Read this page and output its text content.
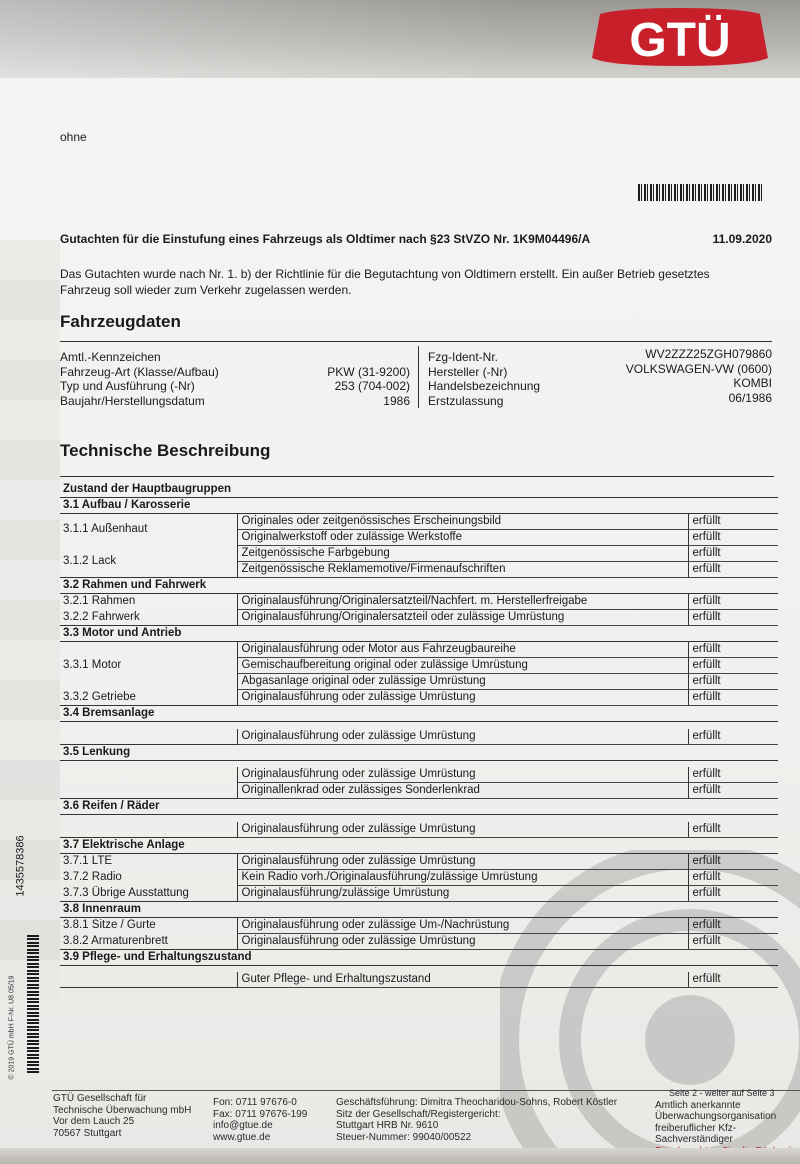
GTÜ
ohne
Gutachten für die Einstufung eines Fahrzeugs als Oldtimer nach §23 StVZO Nr. 1K9M04496/A	11.09.2020
Das Gutachten wurde nach Nr. 1. b) der Richtlinie für die Begutachtung von Oldtimern erstellt. Ein außer Betrieb gesetztes
Fahrzeug soll wieder zum Verkehr zugelassen werden.
Fahrzeugdaten
Amtl.-Kennzeichen
Fahrzeug-Art (Klasse/Aufbau)	PKW (31-9200)
Typ und Ausführung (-Nr)	253 (704-002)
Baujahr/Herstellungsdatum	1986
Fzg-Ident-Nr.	WV2ZZZ25ZGH079860
Hersteller (-Nr)	VOLKSWAGEN-VW (0600)
Handelsbezeichnung	KOMBI
Erstzulassung	06/1986
Technische Beschreibung
Zustand der Hauptbaugruppen		
3.1 Aufbau / Karosserie		
3.1.1 Außenhaut	Originales oder zeitgenössisches Erscheinungsbild	erfüllt
	Originalwerkstoff oder zulässige Werkstoffe	erfüllt
3.1.2 Lack	Zeitgenössische Farbgebung	erfüllt
	Zeitgenössische Reklamemotive/Firmenaufschriften	erfüllt
3.2 Rahmen und Fahrwerk		
3.2.1 Rahmen	Originalausführung/Originalersatzteil/Nachfert. m. Herstellerfreigabe	erfüllt
3.2.2 Fahrwerk	Originalausführung/Originalersatzteil oder zulässige Umrüstung	erfüllt
3.3 Motor und Antrieb		
3.3.1 Motor	Originalausführung oder Motor aus Fahrzeugbaureihe	erfüllt
	Gemischaufbereitung original oder zulässige Umrüstung	erfüllt
	Abgasanlage original oder zulässige Umrüstung	erfüllt
3.3.2 Getriebe	Originalausführung oder zulässige Umrüstung	erfüllt
3.4 Bremsanlage		

	Originalausführung oder zulässige Umrüstung	erfüllt
3.5 Lenkung		

	Originalausführung oder zulässige Umrüstung	erfüllt
	Originallenkrad oder zulässiges Sonderlenkrad	erfüllt
3.6 Reifen / Räder		

	Originalausführung oder zulässige Umrüstung	erfüllt
3.7 Elektrische Anlage		
3.7.1 LTE	Originalausführung oder zulässige Umrüstung	erfüllt
3.7.2 Radio	Kein Radio vorh./Originalausführung/zulässige Umrüstung	erfüllt
3.7.3 Übrige Ausstattung	Originalausführung/zulässige Umrüstung	erfüllt
3.8 Innenraum		
3.8.1 Sitze / Gurte	Originalausführung oder zulässige Um-/Nachrüstung	erfüllt
3.8.2 Armaturenbrett	Originalausführung oder zulässige Umrüstung	erfüllt
3.9 Pflege- und Erhaltungszustand		

	Guter Pflege- und Erhaltungszustand	erfüllt
1435578386
© 2019 GTÜ mbH F-Nr. U8 05/19
GTÜ Gesellschaft für
Technische Überwachung mbH
Vor dem Lauch 25
70567 Stuttgart
Fon: 0711 97676-0
Fax: 0711 97676-199
info@gtue.de
www.gtue.de
Geschäftsführung: Dimitra Theocharidou-Sohns, Robert Köstler
Sitz der Gesellschaft/Registergericht:
Stuttgart HRB Nr. 9610
Steuer-Nummer: 99040/00522
Seite 2 - weiter auf Seite 3
Amtlich anerkannte
Überwachungsorganisation
freiberuflicher Kfz-Sachverständiger
